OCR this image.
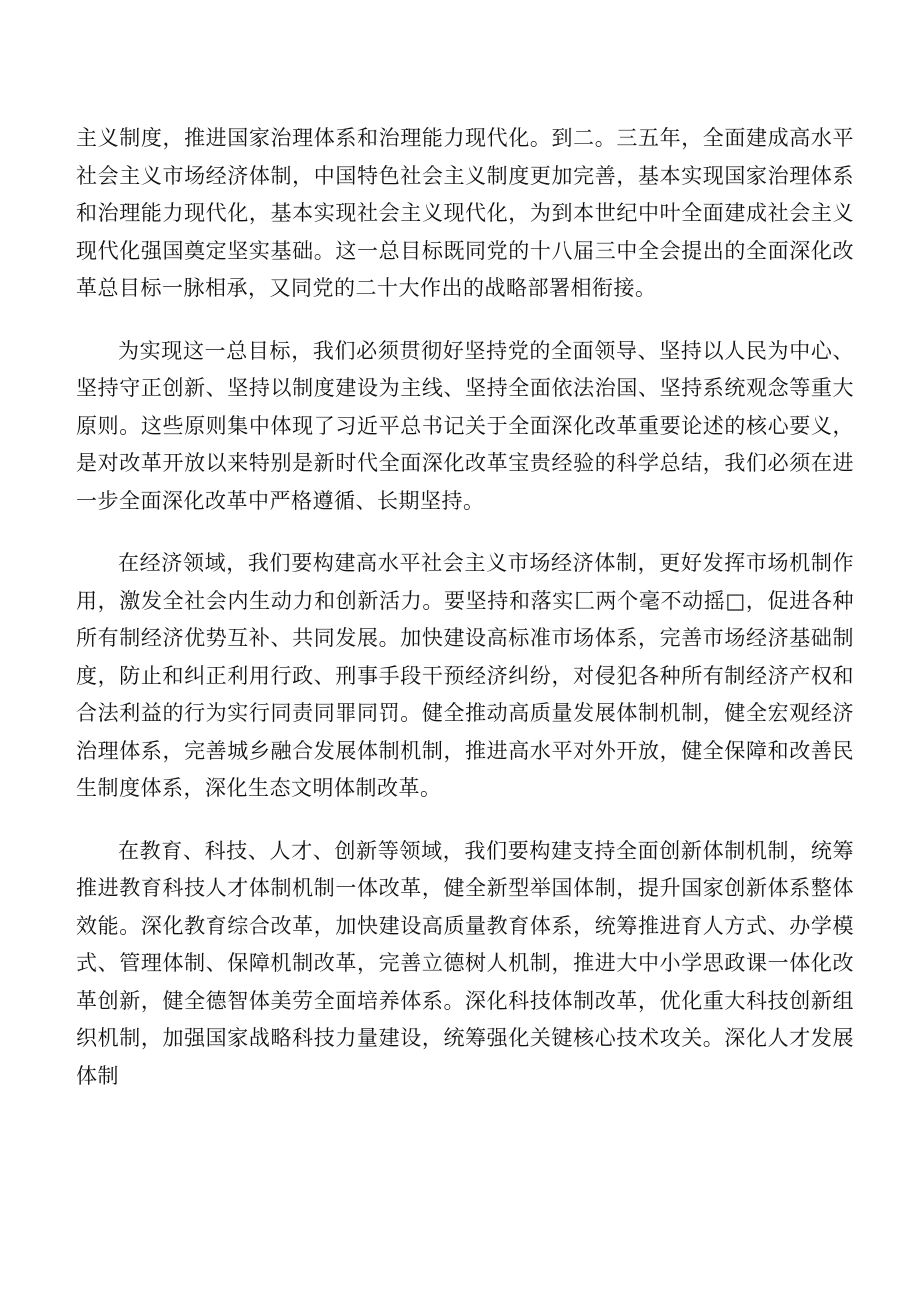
主义制度，推进国家治理体系和治理能力现代化。到二。三五年，全面建成高水平社会主义市场经济体制，中国特色社会主义制度更加完善，基本实现国家治理体系和治理能力现代化，基本实现社会主义现代化，为到本世纪中叶全面建成社会主义现代化强国奠定坚实基础。这一总目标既同党的十八届三中全会提出的全面深化改革总目标一脉相承，又同党的二十大作出的战略部署相衔接。

为实现这一总目标，我们必须贯彻好坚持党的全面领导、坚持以人民为中心、坚持守正创新、坚持以制度建设为主线、坚持全面依法治国、坚持系统观念等重大原则。这些原则集中体现了习近平总书记关于全面深化改革重要论述的核心要义，是对改革开放以来特别是新时代全面深化改革宝贵经验的科学总结，我们必须在进一步全面深化改革中严格遵循、长期坚持。

在经济领域，我们要构建高水平社会主义市场经济体制，更好发挥市场机制作用，激发全社会内生动力和创新活力。要坚持和落实匚两个毫不动摇□，促进各种所有制经济优势互补、共同发展。加快建设高标准市场体系，完善市场经济基础制度，防止和纠正利用行政、刑事手段干预经济纠纷，对侵犯各种所有制经济产权和合法利益的行为实行同责同罪同罚。健全推动高质量发展体制机制，健全宏观经济治理体系，完善城乡融合发展体制机制，推进高水平对外开放，健全保障和改善民生制度体系，深化生态文明体制改革。

在教育、科技、人才、创新等领域，我们要构建支持全面创新体制机制，统筹推进教育科技人才体制机制一体改革，健全新型举国体制，提升国家创新体系整体效能。深化教育综合改革，加快建设高质量教育体系，统筹推进育人方式、办学模式、管理体制、保障机制改革，完善立德树人机制，推进大中小学思政课一体化改革创新，健全德智体美劳全面培养体系。深化科技体制改革，优化重大科技创新组织机制，加强国家战略科技力量建设，统筹强化关键核心技术攻关。深化人才发展体制
